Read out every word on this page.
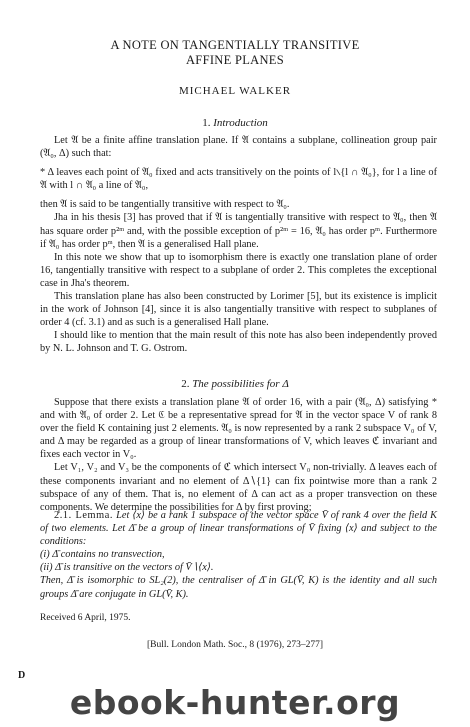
A NOTE ON TANGENTIALLY TRANSITIVE
AFFINE PLANES
MICHAEL WALKER
1. Introduction

Let 𝔄 be a finite affine translation plane. If 𝔄 contains a subplane, collineation group pair (𝔄₀, Δ) such that:

* Δ leaves each point of 𝔄₀ fixed and acts transitively on the points of l∖{l ∩ 𝔄₀}, for l a line of 𝔄 with l ∩ 𝔄₀ a line of 𝔄₀,

then 𝔄 is said to be tangentially transitive with respect to 𝔄₀.

Jha in his thesis [3] has proved that if 𝔄 is tangentially transitive with respect to 𝔄₀, then 𝔄 has square order p²ᵐ and, with the possible exception of p²ᵐ = 16, 𝔄₀ has order pᵐ. Furthermore if 𝔄₀ has order pᵐ, then 𝔄 is a generalised Hall plane.

In this note we show that up to isomorphism there is exactly one translation plane of order 16, tangentially transitive with respect to a subplane of order 2. This completes the exceptional case in Jha's theorem.

This translation plane has also been constructed by Lorimer [5], but its existence is implicit in the work of Johnson [4], since it is also tangentially transitive with respect to subplanes of order 4 (cf. 3.1) and as such is a generalised Hall plane.

I should like to mention that the main result of this note has also been independently proved by N. L. Johnson and T. G. Ostrom.

2. The possibilities for Δ

Suppose that there exists a translation plane 𝔄 of order 16, with a pair (𝔄₀, Δ) satisfying * and with 𝔄₀ of order 2. Let ℭ be a representative spread for 𝔄 in the vector space V of rank 8 over the field K containing just 2 elements. 𝔄₀ is now represented by a rank 2 subspace V₀ of V, and Δ may be regarded as a group of linear transformations of V, which leaves ℭ invariant and fixes each vector in V₀.

Let V₁, V₂ and V₃ be the components of ℭ which intersect V₀ non-trivially. Δ leaves each of these components invariant and no element of Δ∖{1} can fix pointwise more than a rank 2 subspace of any of them. That is, no element of Δ can act as a proper transvection on these components. We determine the possibilities for Δ by first proving;

2.1. Lemma. Let ⟨x⟩ be a rank 1 subspace of the vector space V̄ of rank 4 over the field K of two elements. Let Δ̄ be a group of linear transformations of V̄ fixing ⟨x⟩ and subject to the conditions:

(i) Δ̄ contains no transvection,

(ii) Δ̄ is transitive on the vectors of V̄∖⟨x⟩.

Then, Δ̄ is isomorphic to SL₂(2), the centraliser of Δ̄ in GL(V̄, K) is the identity and all such groups Δ̄ are conjugate in GL(V̄, K).

Received 6 April, 1975.
[Bull. London Math. Soc., 8 (1976), 273–277]
D
ebook-hunter.org
